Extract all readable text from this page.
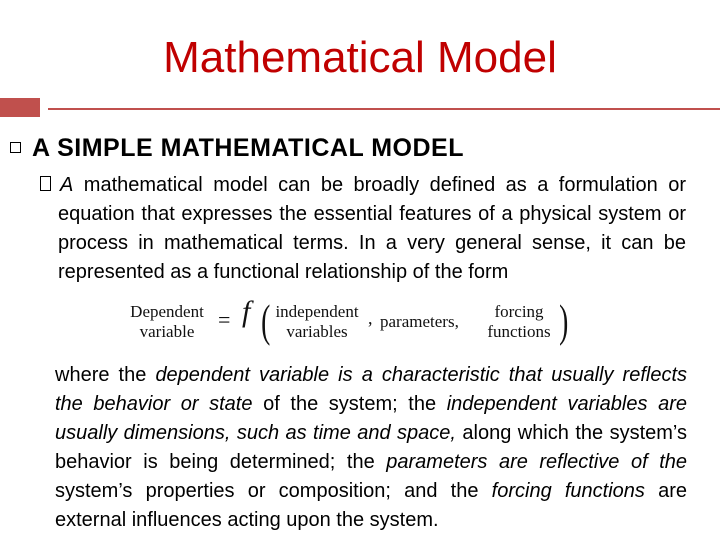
Mathematical Model
A SIMPLE MATHEMATICAL MODEL
A mathematical model can be broadly defined as a formulation or equation that expresses the essential features of a physical system or process in mathematical terms. In a very general sense, it can be represented as a functional relationship of the form
Dependent
variable	= f ( independent
variables
, parameters,
forcing
functions )
where the dependent variable is a characteristic that usually reflects the behavior or state of the system; the independent variables are usually dimensions, such as time and space, along which the system’s behavior is being determined; the parameters are reflective of the system’s properties or composition; and the forcing functions are external influences acting upon the system.
